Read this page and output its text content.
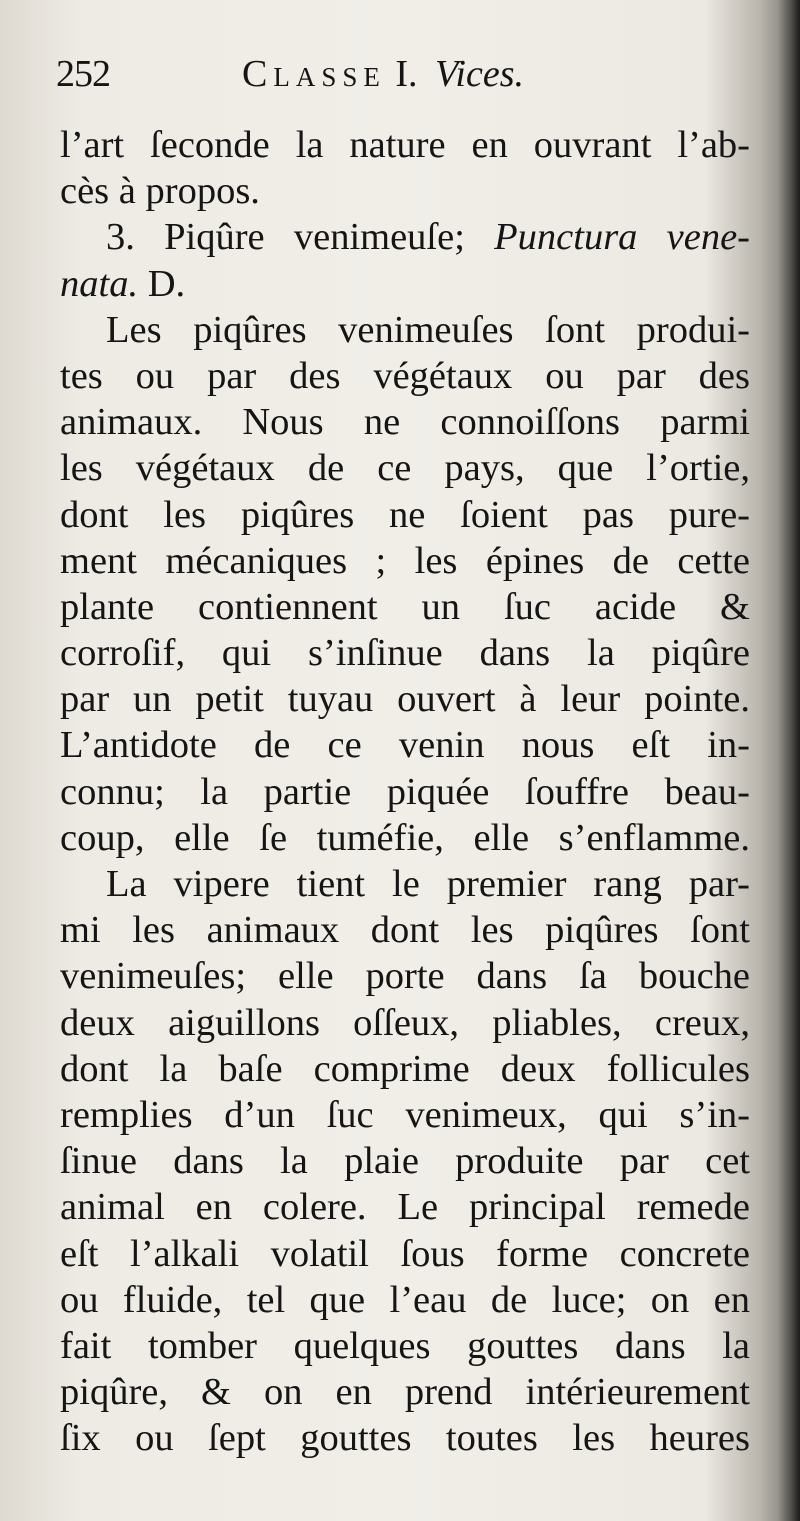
252	Classe I. Vices.
l’art ſeconde la nature en ouvrant l’ab-
cès à propos.
3. Piqûre venimeuſe; Punctura vene-
nata. D.
Les piqûres venimeuſes ſont produi-
tes ou par des végétaux ou par des
animaux. Nous ne connoiſſons parmi
les végétaux de ce pays, que l’ortie,
dont les piqûres ne ſoient pas pure-
ment mécaniques ; les épines de cette
plante contiennent un ſuc acide &
corroſif, qui s’inſinue dans la piqûre
par un petit tuyau ouvert à leur pointe.
L’antidote de ce venin nous eſt in-
connu; la partie piquée ſouffre beau-
coup, elle ſe tuméfie, elle s’enflamme.
La vipere tient le premier rang par-
mi les animaux dont les piqûres ſont
venimeuſes; elle porte dans ſa bouche
deux aiguillons oſſeux, pliables, creux,
dont la baſe comprime deux follicules
remplies d’un ſuc venimeux, qui s’in-
ſinue dans la plaie produite par cet
animal en colere. Le principal remede
eſt l’alkali volatil ſous forme concrete
ou fluide, tel que l’eau de luce; on en
fait tomber quelques gouttes dans la
piqûre, & on en prend intérieurement
ſix ou ſept gouttes toutes les heures
